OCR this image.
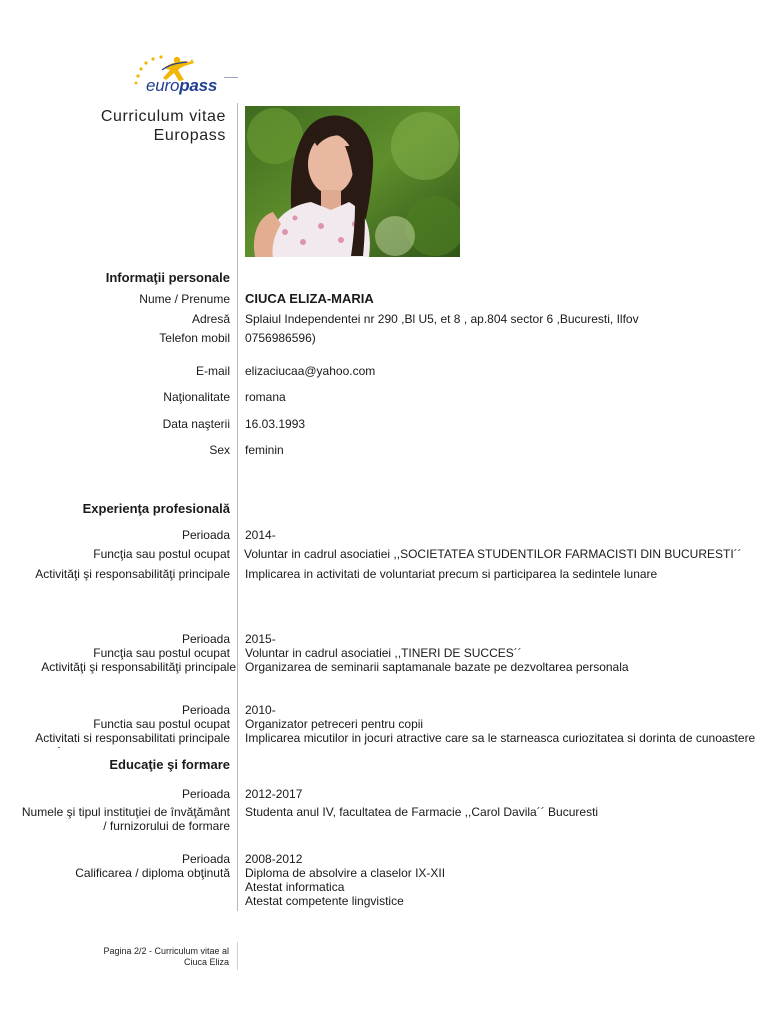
europass
Curriculum vitae
Europass
Informaţii personale
Nume / Prenume CIUCA ELIZA-MARIA
Adresă Splaiul Independentei nr 290 ,Bl U5, et 8 , ap.804 sector 6 ,Bucuresti, Ilfov
Telefon mobil 0756986596)
E-mail elizaciucaa@yahoo.com
Naţionalitate romana
Data naşterii 16.03.1993
Sex feminin
Experienţa profesională
Perioada 2014-
Funcţia sau postul ocupat Voluntar in cadrul asociatiei ,,SOCIETATEA STUDENTILOR FARMACISTI DIN BUCURESTI´´
Activităţi şi responsabilităţi principale Implicarea in activitati de voluntariat precum si participarea la sedintele lunare
Perioada 2015-
Funcţia sau postul ocupat Voluntar in cadrul asociatiei ,,TINERI DE SUCCES´´
Activităţi şi responsabilităţi principale Organizarea de seminarii saptamanale bazate pe dezvoltarea personala
Perioada 2010-
Functia sau postul ocupat Organizator petreceri pentru copii
Activitati si responsabilitati principale Implicarea micutilor in jocuri atractive care sa le starneasca curiozitatea si dorinta de cunoastere
Educaţie şi formare
Perioada 2012-2017
Numele şi tipul instituţiei de învăţământ Studenta anul IV, facultatea de Farmacie ,,Carol Davila´´ Bucuresti
/ furnizorului de formare
Perioada 2008-2012
Calificarea / diploma obţinută Diploma de absolvire a claselor IX-XII
Atestat informatica
Atestat competente lingvistice
Pagina 2/2 - Curriculum vitae al
Ciuca Eliza
